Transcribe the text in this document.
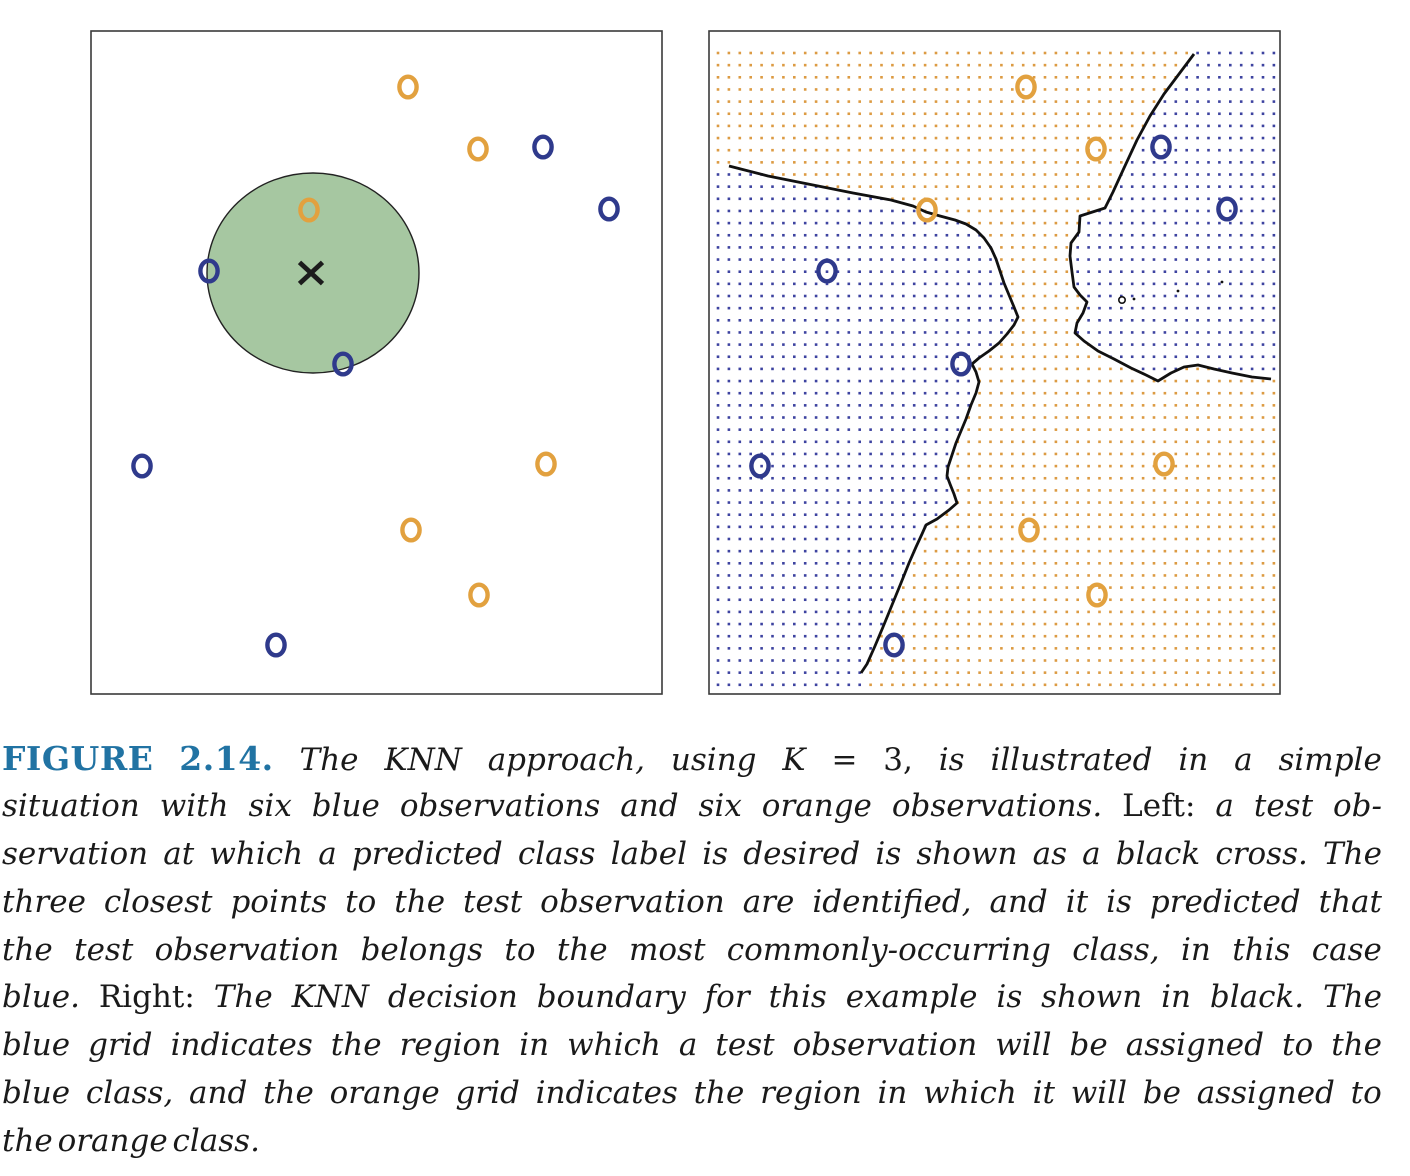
FIGURE 2.14. The KNN approach, using K = 3, is illustrated in a simple
situation with six blue observations and six orange observations. Left: a test ob-
servation at which a predicted class label is desired is shown as a black cross. The
three closest points to the test observation are identified, and it is predicted that
the test observation belongs to the most commonly-occurring class, in this case
blue. Right: The KNN decision boundary for this example is shown in black. The
blue grid indicates the region in which a test observation will be assigned to the
blue class, and the orange grid indicates the region in which it will be assigned to
the orange class.
